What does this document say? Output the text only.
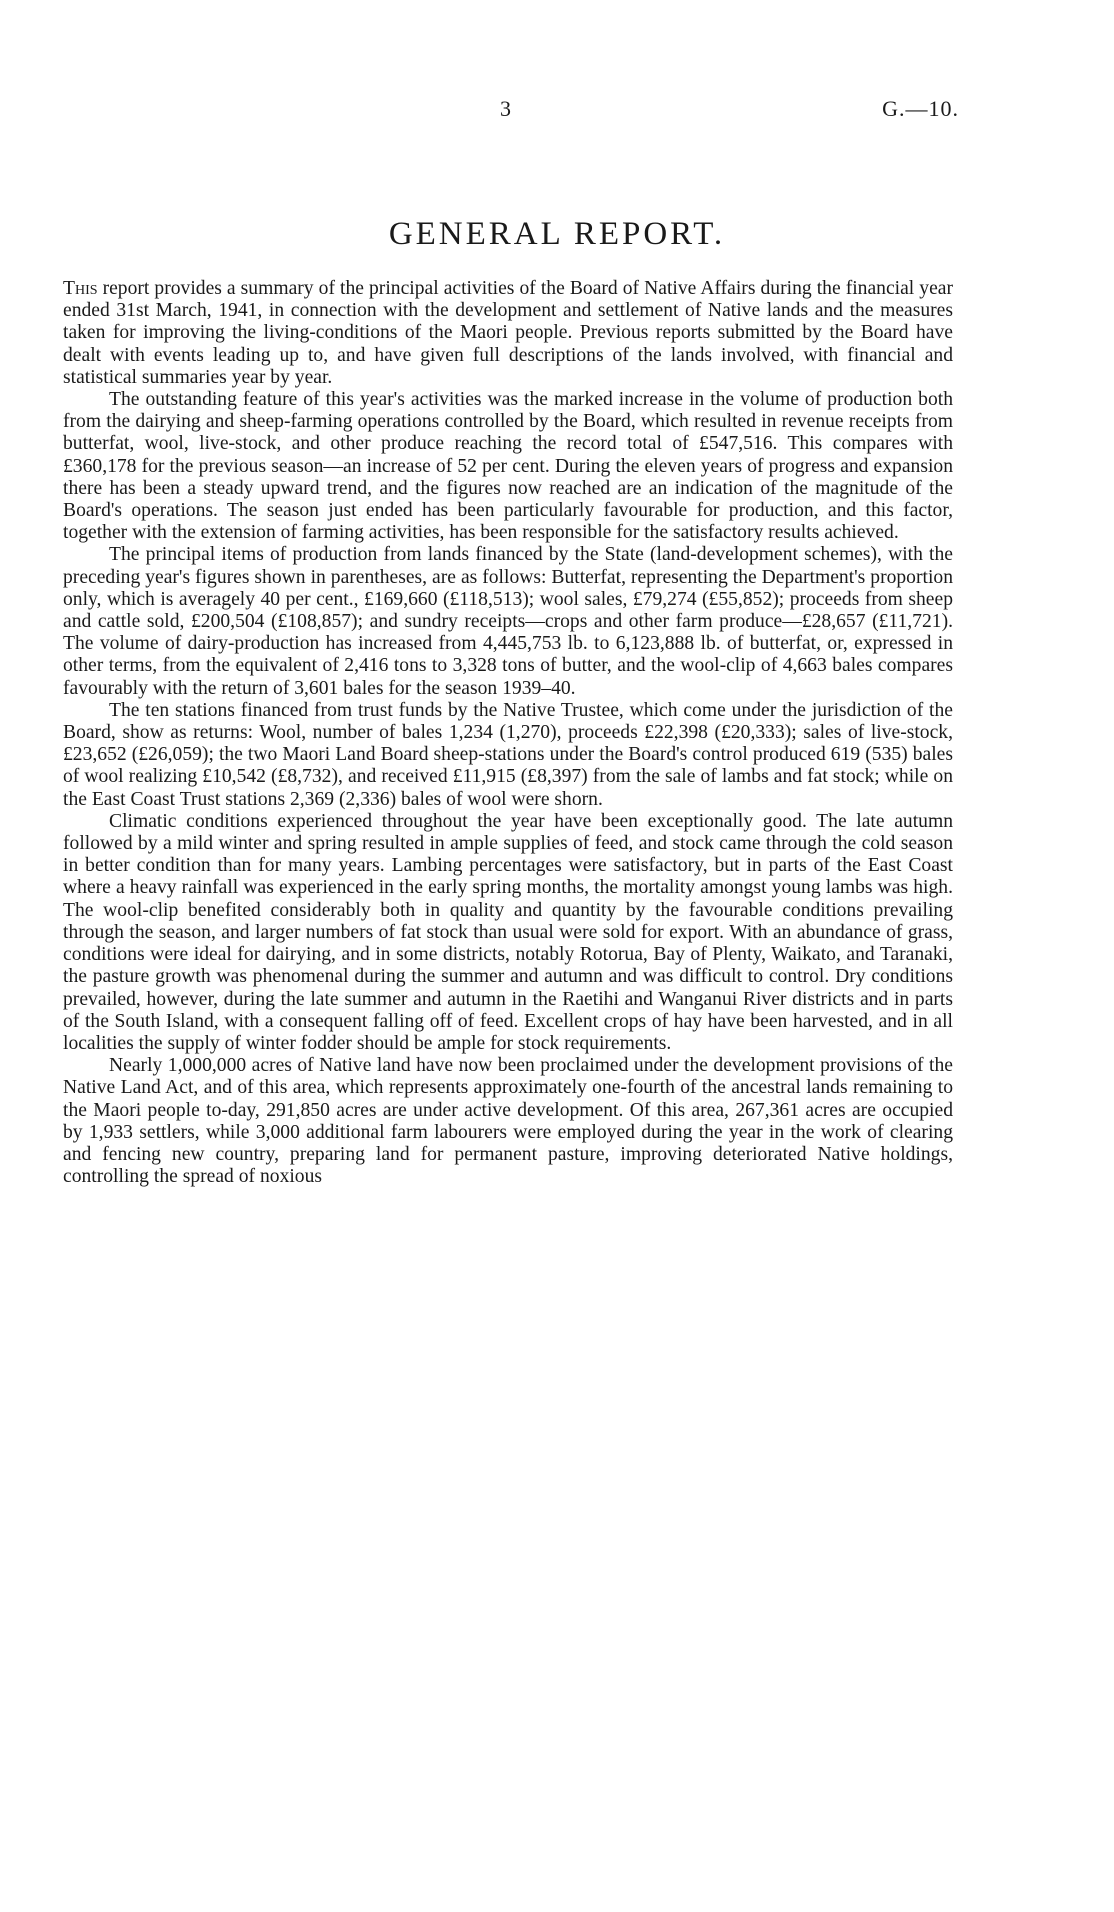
3	G.—10.
GENERAL REPORT.

This report provides a summary of the principal activities of the Board of Native Affairs during the financial year ended 31st March, 1941, in connection with the development and settlement of Native lands and the measures taken for improving the living-conditions of the Maori people. Previous reports submitted by the Board have dealt with events leading up to, and have given full descriptions of the lands involved, with financial and statistical summaries year by year.

The outstanding feature of this year's activities was the marked increase in the volume of production both from the dairying and sheep-farming operations controlled by the Board, which resulted in revenue receipts from butterfat, wool, live-stock, and other produce reaching the record total of £547,516. This compares with £360,178 for the previous season—an increase of 52 per cent. During the eleven years of progress and expansion there has been a steady upward trend, and the figures now reached are an indication of the magnitude of the Board's operations. The season just ended has been particularly favourable for production, and this factor, together with the extension of farming activities, has been responsible for the satisfactory results achieved.

The principal items of production from lands financed by the State (land-development schemes), with the preceding year's figures shown in parentheses, are as follows: Butterfat, representing the Department's proportion only, which is averagely 40 per cent., £169,660 (£118,513); wool sales, £79,274 (£55,852); proceeds from sheep and cattle sold, £200,504 (£108,857); and sundry receipts—crops and other farm produce—£28,657 (£11,721). The volume of dairy-production has increased from 4,445,753 lb. to 6,123,888 lb. of butterfat, or, expressed in other terms, from the equivalent of 2,416 tons to 3,328 tons of butter, and the wool-clip of 4,663 bales compares favourably with the return of 3,601 bales for the season 1939–40.

The ten stations financed from trust funds by the Native Trustee, which come under the jurisdiction of the Board, show as returns: Wool, number of bales 1,234 (1,270), proceeds £22,398 (£20,333); sales of live-stock, £23,652 (£26,059); the two Maori Land Board sheep-stations under the Board's control produced 619 (535) bales of wool realizing £10,542 (£8,732), and received £11,915 (£8,397) from the sale of lambs and fat stock; while on the East Coast Trust stations 2,369 (2,336) bales of wool were shorn.

Climatic conditions experienced throughout the year have been exceptionally good. The late autumn followed by a mild winter and spring resulted in ample supplies of feed, and stock came through the cold season in better condition than for many years. Lambing percentages were satisfactory, but in parts of the East Coast where a heavy rainfall was experienced in the early spring months, the mortality amongst young lambs was high. The wool-clip benefited considerably both in quality and quantity by the favourable conditions prevailing through the season, and larger numbers of fat stock than usual were sold for export. With an abundance of grass, conditions were ideal for dairying, and in some districts, notably Rotorua, Bay of Plenty, Waikato, and Taranaki, the pasture growth was phenomenal during the summer and autumn and was difficult to control. Dry conditions prevailed, however, during the late summer and autumn in the Raetihi and Wanganui River districts and in parts of the South Island, with a consequent falling off of feed. Excellent crops of hay have been harvested, and in all localities the supply of winter fodder should be ample for stock requirements.

Nearly 1,000,000 acres of Native land have now been proclaimed under the development provisions of the Native Land Act, and of this area, which represents approximately one-fourth of the ancestral lands remaining to the Maori people to-day, 291,850 acres are under active development. Of this area, 267,361 acres are occupied by 1,933 settlers, while 3,000 additional farm labourers were employed during the year in the work of clearing and fencing new country, preparing land for permanent pasture, improving deteriorated Native holdings, controlling the spread of noxious
